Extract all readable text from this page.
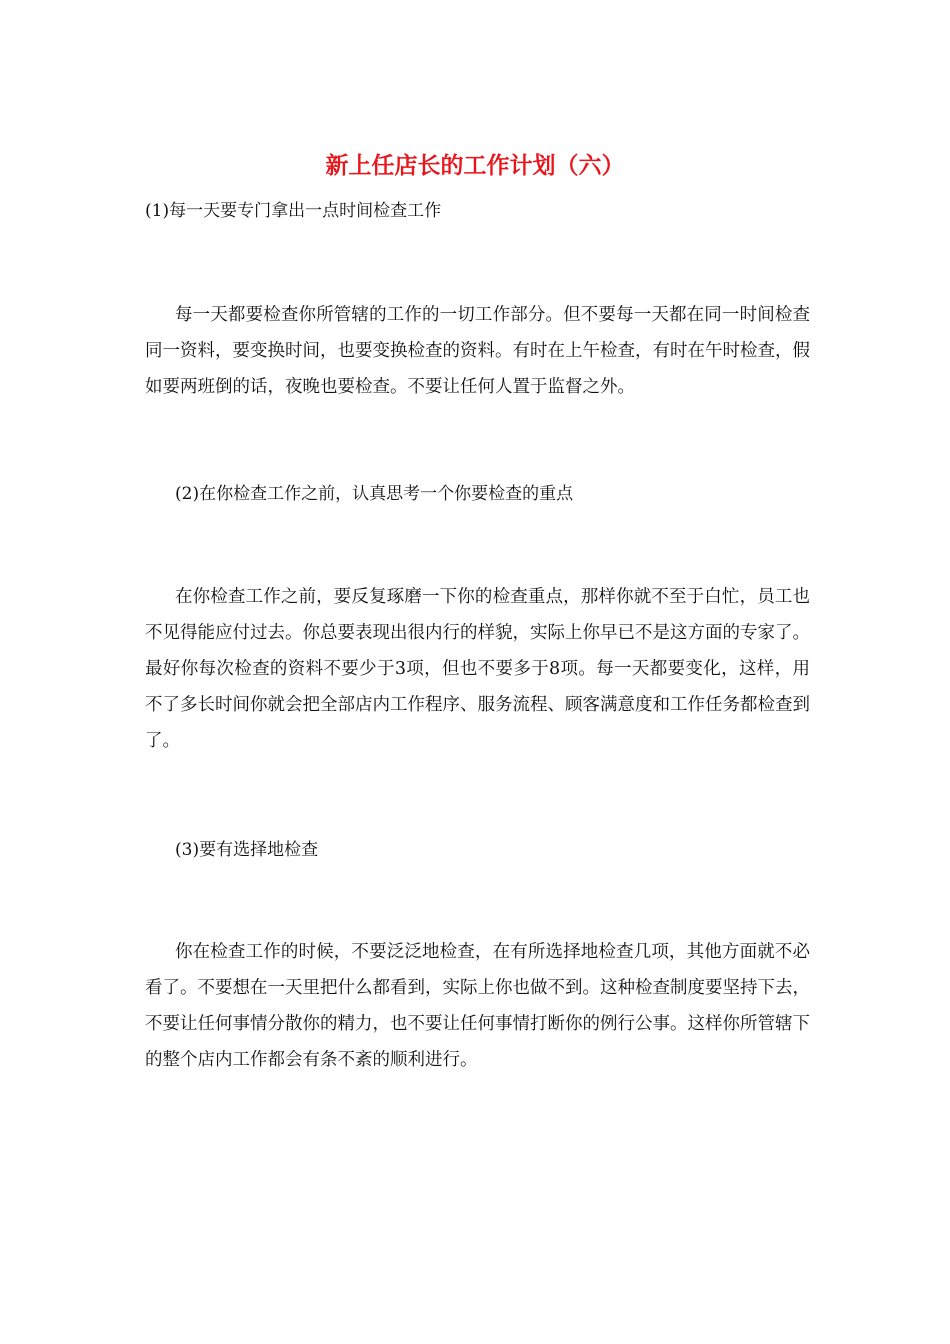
新上任店长的工作计划（六）

(1)每一天要专门拿出一点时间检查工作

每一天都要检查你所管辖的工作的一切工作部分。但不要每一天都在同一时间检查同一资料，要变换时间，也要变换检查的资料。有时在上午检查，有时在午时检查，假如要两班倒的话，夜晚也要检查。不要让任何人置于监督之外。

(2)在你检查工作之前，认真思考一个你要检查的重点

在你检查工作之前，要反复琢磨一下你的检查重点，那样你就不至于白忙，员工也不见得能应付过去。你总要表现出很内行的样貌，实际上你早已不是这方面的专家了。最好你每次检查的资料不要少于3项，但也不要多于8项。每一天都要变化，这样，用不了多长时间你就会把全部店内工作程序、服务流程、顾客满意度和工作任务都检查到了。

(3)要有选择地检查

你在检查工作的时候，不要泛泛地检查，在有所选择地检查几项，其他方面就不必看了。不要想在一天里把什么都看到，实际上你也做不到。这种检查制度要坚持下去，不要让任何事情分散你的精力，也不要让任何事情打断你的例行公事。这样你所管辖下的整个店内工作都会有条不紊的顺利进行。
